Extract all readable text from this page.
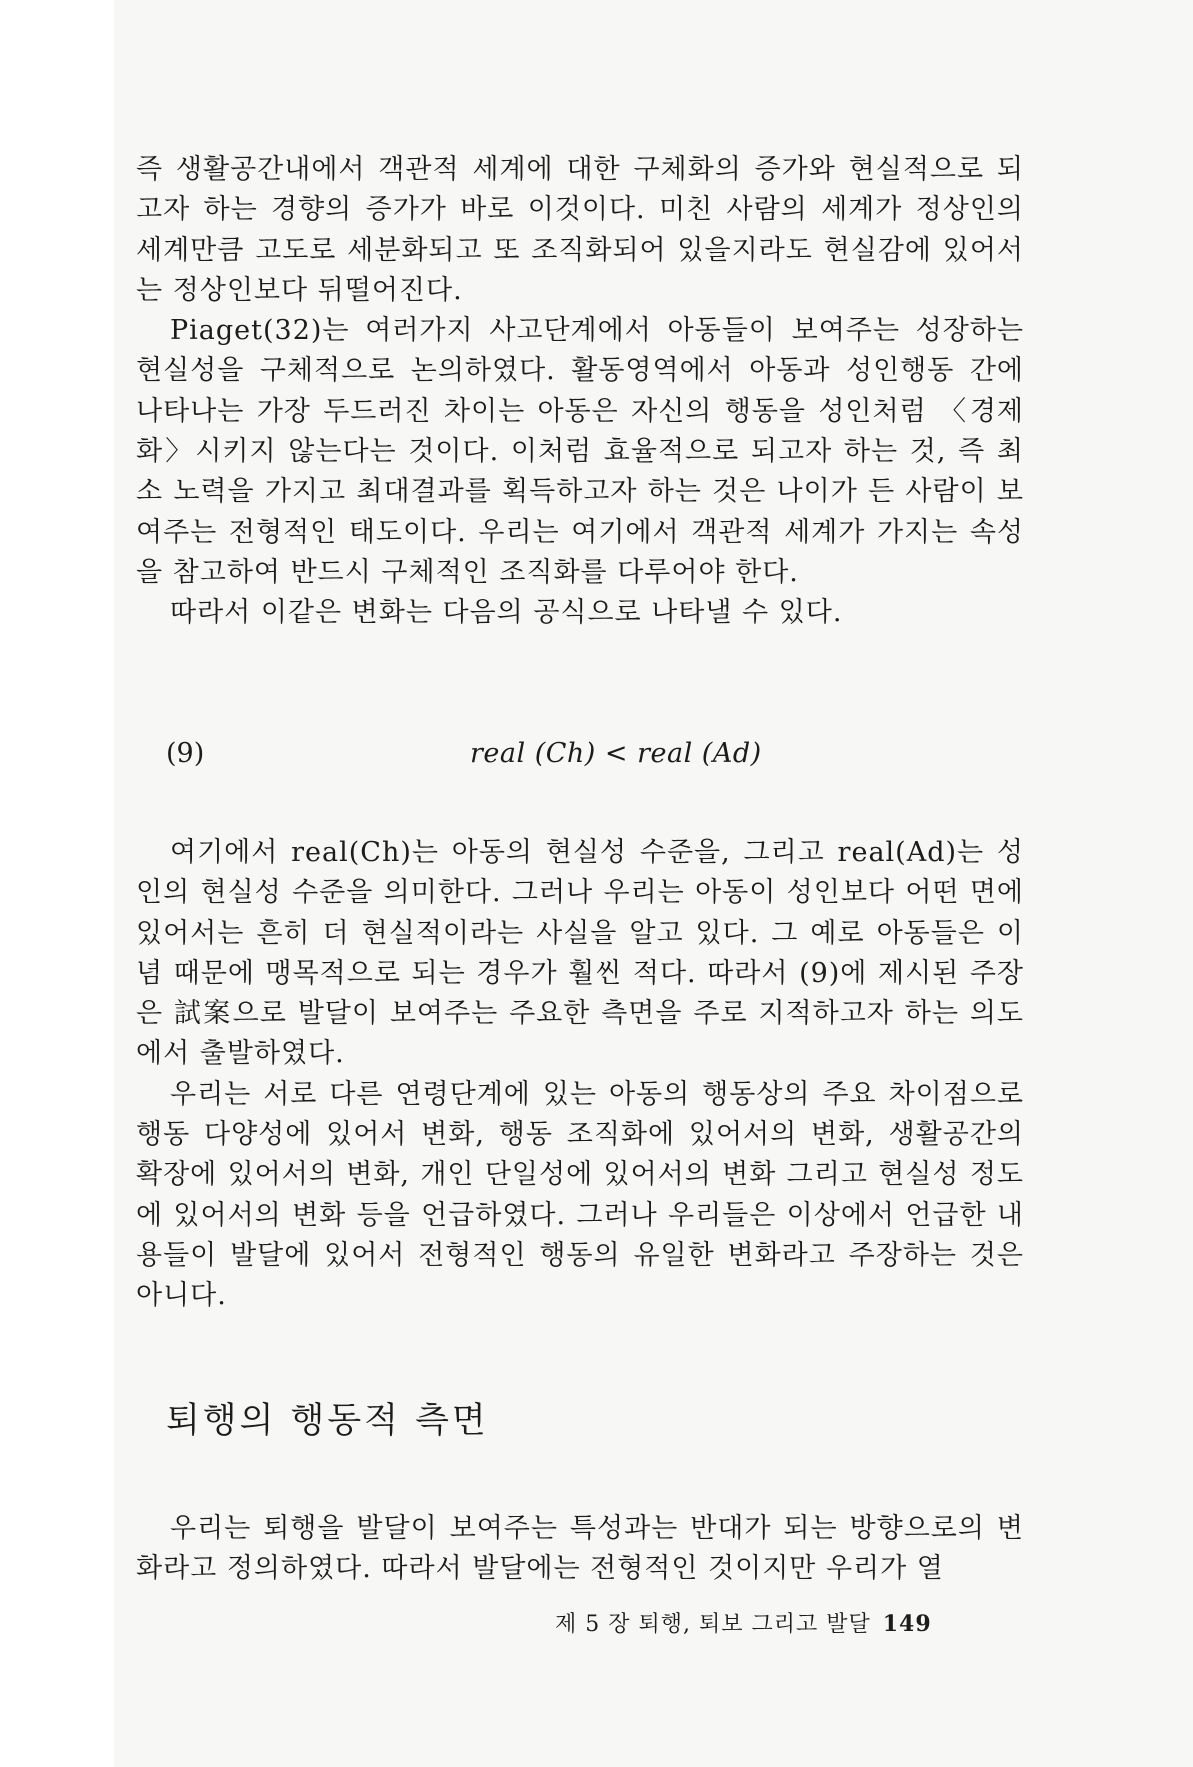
즉 생활공간내에서 객관적 세계에 대한 구체화의 증가와 현실적으로 되고자 하는 경향의 증가가 바로 이것이다. 미친 사람의 세계가 정상인의 세계만큼 고도로 세분화되고 또 조직화되어 있을지라도 현실감에 있어서는 정상인보다 뒤떨어진다.

Piaget(32)는 여러가지 사고단계에서 아동들이 보여주는 성장하는 현실성을 구체적으로 논의하였다. 활동영역에서 아동과 성인행동 간에 나타나는 가장 두드러진 차이는 아동은 자신의 행동을 성인처럼 〈경제화〉시키지 않는다는 것이다. 이처럼 효율적으로 되고자 하는 것, 즉 최소 노력을 가지고 최대결과를 획득하고자 하는 것은 나이가 든 사람이 보여주는 전형적인 태도이다. 우리는 여기에서 객관적 세계가 가지는 속성을 참고하여 반드시 구체적인 조직화를 다루어야 한다.

따라서 이같은 변화는 다음의 공식으로 나타낼 수 있다.

(9)	real (Ch) < real (Ad)

여기에서 real(Ch)는 아동의 현실성 수준을, 그리고 real(Ad)는 성인의 현실성 수준을 의미한다. 그러나 우리는 아동이 성인보다 어떤 면에 있어서는 흔히 더 현실적이라는 사실을 알고 있다. 그 예로 아동들은 이념 때문에 맹목적으로 되는 경우가 훨씬 적다. 따라서 (9)에 제시된 주장은 試案으로 발달이 보여주는 주요한 측면을 주로 지적하고자 하는 의도에서 출발하였다.

우리는 서로 다른 연령단계에 있는 아동의 행동상의 주요 차이점으로 행동 다양성에 있어서 변화, 행동 조직화에 있어서의 변화, 생활공간의 확장에 있어서의 변화, 개인 단일성에 있어서의 변화 그리고 현실성 정도에 있어서의 변화 등을 언급하였다. 그러나 우리들은 이상에서 언급한 내용들이 발달에 있어서 전형적인 행동의 유일한 변화라고 주장하는 것은 아니다.

퇴행의 행동적 측면

우리는 퇴행을 발달이 보여주는 특성과는 반대가 되는 방향으로의 변화라고 정의하였다. 따라서 발달에는 전형적인 것이지만 우리가 열

제 5 장 퇴행, 퇴보 그리고 발달 149
